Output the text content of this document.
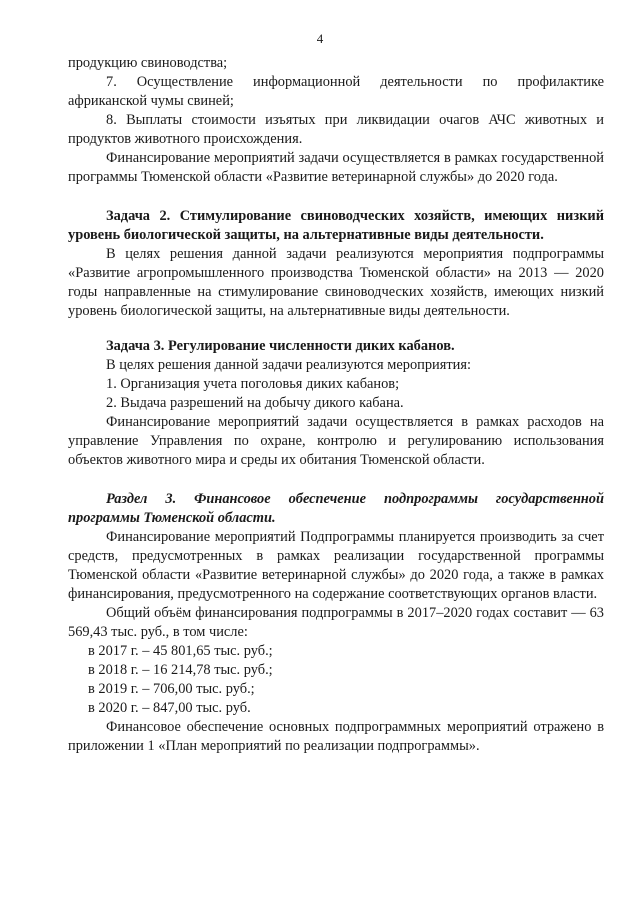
4

продукцию свиноводства;

7. Осуществление информационной деятельности по профилактике африканской чумы свиней;

8. Выплаты стоимости изъятых при ликвидации очагов АЧС животных и продуктов животного происхождения.

Финансирование мероприятий задачи осуществляется в рамках государственной программы Тюменской области «Развитие ветеринарной службы» до 2020 года.

Задача 2. Стимулирование свиноводческих хозяйств, имеющих низкий уровень биологической защиты, на альтернативные виды деятельности.

В целях решения данной задачи реализуются мероприятия подпрограммы «Развитие агропромышленного производства Тюменской области» на 2013 — 2020 годы направленные на стимулирование свиноводческих хозяйств, имеющих низкий уровень биологической защиты, на альтернативные виды деятельности.

Задача 3. Регулирование численности диких кабанов.

В целях решения данной задачи реализуются мероприятия:

1. Организация учета поголовья диких кабанов;

2. Выдача разрешений на добычу дикого кабана.

Финансирование мероприятий задачи осуществляется в рамках расходов на управление Управления по охране, контролю и регулированию использования объектов животного мира и среды их обитания Тюменской области.

Раздел 3. Финансовое обеспечение подпрограммы государственной программы Тюменской области.

Финансирование мероприятий Подпрограммы планируется производить за счет средств, предусмотренных в рамках реализации государственной программы Тюменской области «Развитие ветеринарной службы» до 2020 года, а также в рамках финансирования, предусмотренного на содержание соответствующих органов власти.

Общий объём финансирования подпрограммы в 2017–2020 годах составит — 63 569,43 тыс. руб., в том числе:

в 2017 г. – 45 801,65 тыс. руб.;

в 2018 г. – 16 214,78 тыс. руб.;

в 2019 г. – 706,00 тыс. руб.;

в 2020 г. – 847,00 тыс. руб.

Финансовое обеспечение основных подпрограммных мероприятий отражено в приложении 1 «План мероприятий по реализации подпрограммы».
